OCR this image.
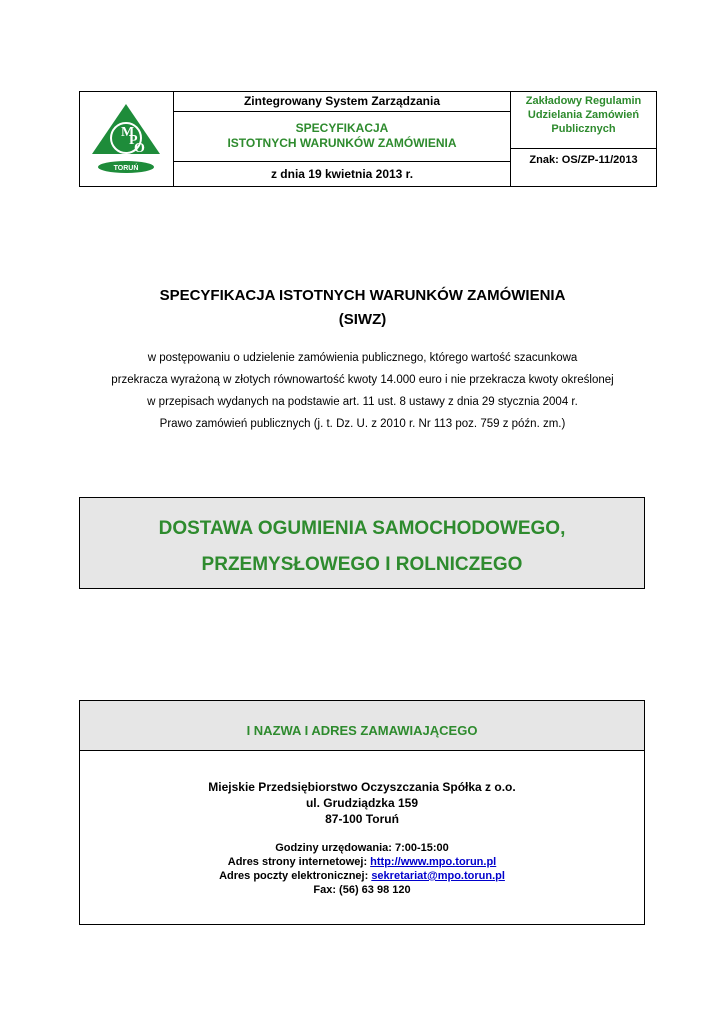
M
P
O
TORUŃ
Zintegrowany System Zarządzania
SPECYFIKACJA
ISTOTNYCH WARUNKÓW ZAMÓWIENIA
z dnia 19 kwietnia 2013 r.
Zakładowy Regulamin
Udzielania Zamówień
Publicznych
Znak: OS/ZP-11/2013
SPECYFIKACJA ISTOTNYCH WARUNKÓW ZAMÓWIENIA
(SIWZ)
w postępowaniu o udzielenie zamówienia publicznego, którego wartość szacunkowa
przekracza wyrażoną w złotych równowartość kwoty 14.000 euro i nie przekracza kwoty określonej
w przepisach wydanych na podstawie art. 11 ust. 8 ustawy z dnia 29 stycznia 2004 r.
Prawo zamówień publicznych (j. t. Dz. U. z 2010 r. Nr 113 poz. 759 z późn. zm.)
DOSTAWA OGUMIENIA SAMOCHODOWEGO,
PRZEMYSŁOWEGO I ROLNICZEGO
I NAZWA I ADRES ZAMAWIAJĄCEGO
Miejskie Przedsiębiorstwo Oczyszczania Spółka z o.o.
ul. Grudziądzka 159
87-100 Toruń
Godziny urzędowania: 7:00-15:00
Adres strony internetowej: http://www.mpo.torun.pl
Adres poczty elektronicznej: sekretariat@mpo.torun.pl
Fax: (56) 63 98 120
